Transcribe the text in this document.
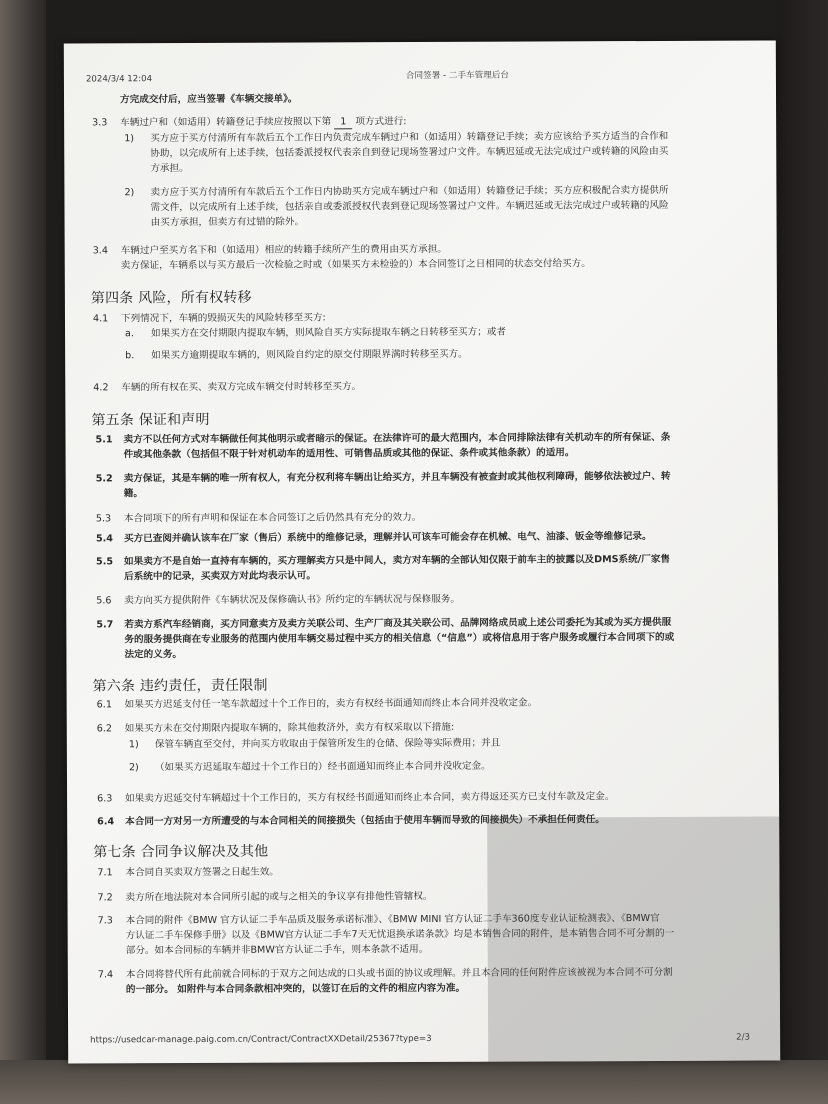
2024/3/4 12:04	合同签署 - 二手车管理后台
方完成交付后，应当签署《车辆交接单》。
3.3 车辆过户和（如适用）转籍登记手续应按照以下第 1 项方式进行:
1) 买方应于买方付清所有车款后五个工作日内负责完成车辆过户和（如适用）转籍登记手续；卖方应该给予买方适当的合作和
协助，以完成所有上述手续，包括委派授权代表亲自到登记现场签署过户文件。车辆迟延或无法完成过户或转籍的风险由买
方承担。
2) 卖方应于买方付清所有车款后五个工作日内协助买方完成车辆过户和（如适用）转籍登记手续；买方应积极配合卖方提供所
需文件，以完成所有上述手续，包括亲自或委派授权代表到登记现场签署过户文件。车辆迟延或无法完成过户或转籍的风险
由买方承担，但卖方有过错的除外。
3.4 车辆过户至买方名下和（如适用）相应的转籍手续所产生的费用由买方承担。
卖方保证，车辆系以与买方最后一次检验之时或（如果买方未检验的）本合同签订之日相同的状态交付给买方。
第四条 风险，所有权转移
4.1 下列情况下，车辆的毁损灭失的风险转移至买方:
a. 如果买方在交付期限内提取车辆，则风险自买方实际提取车辆之日转移至买方；或者
b. 如果买方逾期提取车辆的，则风险自约定的原交付期限界满时转移至买方。
4.2 车辆的所有权在买、卖双方完成车辆交付时转移至买方。
第五条 保证和声明
5.1 卖方不以任何方式对车辆做任何其他明示或者暗示的保证。在法律许可的最大范围内，本合同排除法律有关机动车的所有保证、条
件或其他条款（包括但不限于针对机动车的适用性、可销售品质或其他的保证、条件或其他条款）的适用。
5.2 卖方保证，其是车辆的唯一所有权人，有充分权利将车辆出让给买方，并且车辆没有被查封或其他权利障碍，能够依法被过户、转
籍。
5.3 本合同项下的所有声明和保证在本合同签订之后仍然具有充分的效力。
5.4 买方已查阅并确认该车在厂家（售后）系统中的维修记录，理解并认可该车可能会存在机械、电气、油漆、钣金等维修记录。
5.5 如果卖方不是自始一直持有车辆的，买方理解卖方只是中间人，卖方对车辆的全部认知仅限于前车主的披露以及DMS系统/厂家售
后系统中的记录，买卖双方对此均表示认可。
5.6 卖方向买方提供附件《车辆状况及保修确认书》所约定的车辆状况与保修服务。
5.7 若卖方系汽车经销商，买方同意卖方及卖方关联公司、生产厂商及其关联公司、品牌网络成员或上述公司委托为其或为买方提供服
务的服务提供商在专业服务的范围内使用车辆交易过程中买方的相关信息（“信息”）或将信息用于客户服务或履行本合同项下的或
法定的义务。
第六条 违约责任，责任限制
6.1 如果买方迟延支付任一笔车款超过十个工作日的，卖方有权经书面通知而终止本合同并没收定金。
6.2 如果买方未在交付期限内提取车辆的，除其他救济外，卖方有权采取以下措施:
1) 保管车辆直至交付，并向买方收取由于保管所发生的仓储、保险等实际费用；并且
2) （如果买方迟延取车超过十个工作日的）经书面通知而终止本合同并没收定金。
6.3 如果卖方迟延交付车辆超过十个工作日的，买方有权经书面通知而终止本合同，卖方得返还买方已支付车款及定金。
6.4 本合同一方对另一方所遭受的与本合同相关的间接损失（包括由于使用车辆而导致的间接损失）不承担任何责任。
第七条 合同争议解决及其他
7.1 本合同自买卖双方签署之日起生效。
7.2 卖方所在地法院对本合同所引起的或与之相关的争议享有排他性管辖权。
7.3 本合同的附件《BMW 官方认证二手车品质及服务承诺标准》、《BMW MINI 官方认证二手车360度专业认证检测表》、《BMW官
方认证二手车保修手册》以及《BMW官方认证二手车7天无忧退换承诺条款》均是本销售合同的附件，是本销售合同不可分割的一
部分。如本合同标的车辆并非BMW官方认证二手车，则本条款不适用。
7.4 本合同将替代所有此前就合同标的于双方之间达成的口头或书面的协议或理解。并且本合同的任何附件应该被视为本合同不可分割
的一部分。 如附件与本合同条款相冲突的，以签订在后的文件的相应内容为准。
https://usedcar-manage.paig.com.cn/Contract/ContractXXDetail/25367?type=3	2/3
